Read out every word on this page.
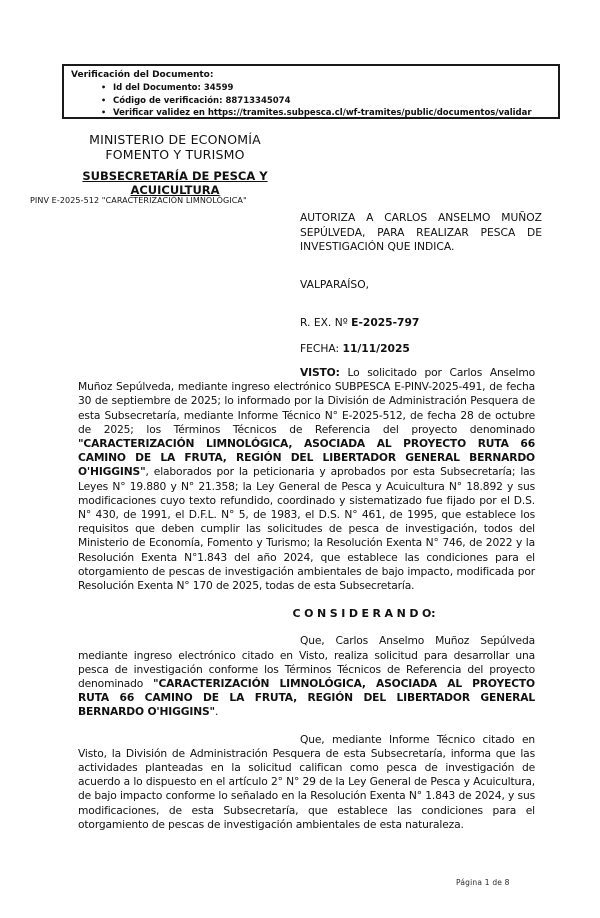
Verificación del Documento:
• Id del Documento: 34599
• Código de verificación: 88713345074
• Verificar validez en https://tramites.subpesca.cl/wf-tramites/public/documentos/validar
MINISTERIO DE ECONOMÍA
FOMENTO Y TURISMO
SUBSECRETARÍA DE PESCA Y
ACUICULTURA
PINV E-2025-512 "CARACTERIZACIÓN LIMNOLÓGICA"
AUTORIZA A CARLOS ANSELMO MUÑOZ SEPÚLVEDA, PARA REALIZAR PESCA DE INVESTIGACIÓN QUE INDICA.
VALPARAÍSO,
R. EX. Nº E-2025-797
FECHA: 11/11/2025

VISTO: Lo solicitado por Carlos Anselmo Muñoz Sepúlveda, mediante ingreso electrónico SUBPESCA E-PINV-2025-491, de fecha 30 de septiembre de 2025; lo informado por la División de Administración Pesquera de esta Subsecretaría, mediante Informe Técnico N° E-2025-512, de fecha 28 de octubre de 2025; los Términos Técnicos de Referencia del proyecto denominado "CARACTERIZACIÓN LIMNOLÓGICA, ASOCIADA AL PROYECTO RUTA 66 CAMINO DE LA FRUTA, REGIÓN DEL LIBERTADOR GENERAL BERNARDO O'HIGGINS", elaborados por la peticionaria y aprobados por esta Subsecretaría; las Leyes N° 19.880 y N° 21.358; la Ley General de Pesca y Acuicultura N° 18.892 y sus modificaciones cuyo texto refundido, coordinado y sistematizado fue fijado por el D.S. N° 430, de 1991, el D.F.L. N° 5, de 1983, el D.S. N° 461, de 1995, que establece los requisitos que deben cumplir las solicitudes de pesca de investigación, todos del Ministerio de Economía, Fomento y Turismo; la Resolución Exenta N° 746, de 2022 y la Resolución Exenta N°1.843 del año 2024, que establece las condiciones para el otorgamiento de pescas de investigación ambientales de bajo impacto, modificada por Resolución Exenta N° 170 de 2025, todas de esta Subsecretaría.

C O N S I D E R A N D O:

Que, Carlos Anselmo Muñoz Sepúlveda mediante ingreso electrónico citado en Visto, realiza solicitud para desarrollar una pesca de investigación conforme los Términos Técnicos de Referencia del proyecto denominado "CARACTERIZACIÓN LIMNOLÓGICA, ASOCIADA AL PROYECTO RUTA 66 CAMINO DE LA FRUTA, REGIÓN DEL LIBERTADOR GENERAL BERNARDO O'HIGGINS".

Que, mediante Informe Técnico citado en Visto, la División de Administración Pesquera de esta Subsecretaría, informa que las actividades planteadas en la solicitud califican como pesca de investigación de acuerdo a lo dispuesto en el artículo 2° N° 29 de la Ley General de Pesca y Acuicultura, de bajo impacto conforme lo señalado en la Resolución Exenta N° 1.843 de 2024, y sus modificaciones, de esta Subsecretaría, que establece las condiciones para el otorgamiento de pescas de investigación ambientales de esta naturaleza.

Página 1 de 8
